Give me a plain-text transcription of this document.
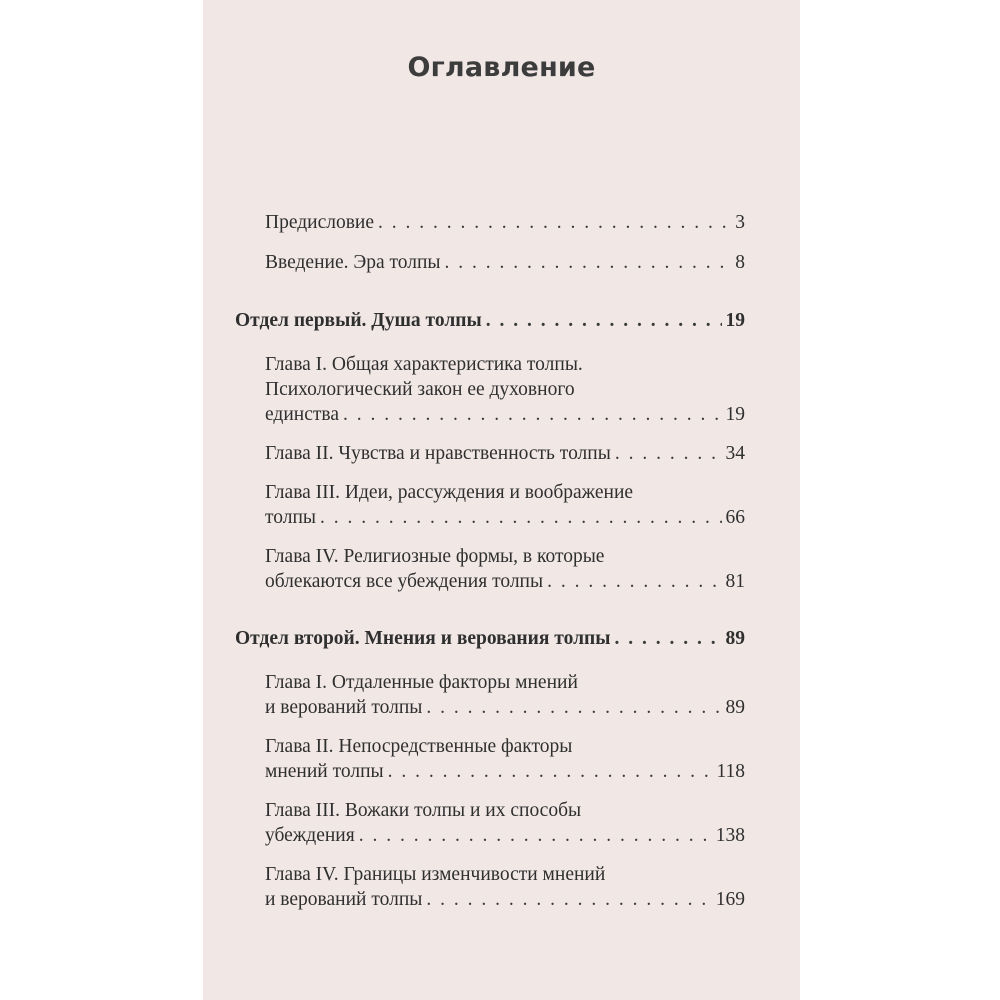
Оглавление
Предисловие . . .	3
Введение. Эра толпы . . .	8
Отдел первый. Душа толпы . . .	19
Глава I. Общая характеристика толпы.
Психологический закон ее духовного
единства . . .	19
Глава II. Чувства и нравственность толпы . . .	34
Глава III. Идеи, рассуждения и воображение
толпы . . .	66
Глава IV. Религиозные формы, в которые
облекаются все убеждения толпы . . .	81
Отдел второй. Мнения и верования толпы . . .	89
Глава I. Отдаленные факторы мнений
и верований толпы . . .	89
Глава II. Непосредственные факторы
мнений толпы . . .	118
Глава III. Вожаки толпы и их способы
убеждения . . .	138
Глава IV. Границы изменчивости мнений
и верований толпы . . .	169
